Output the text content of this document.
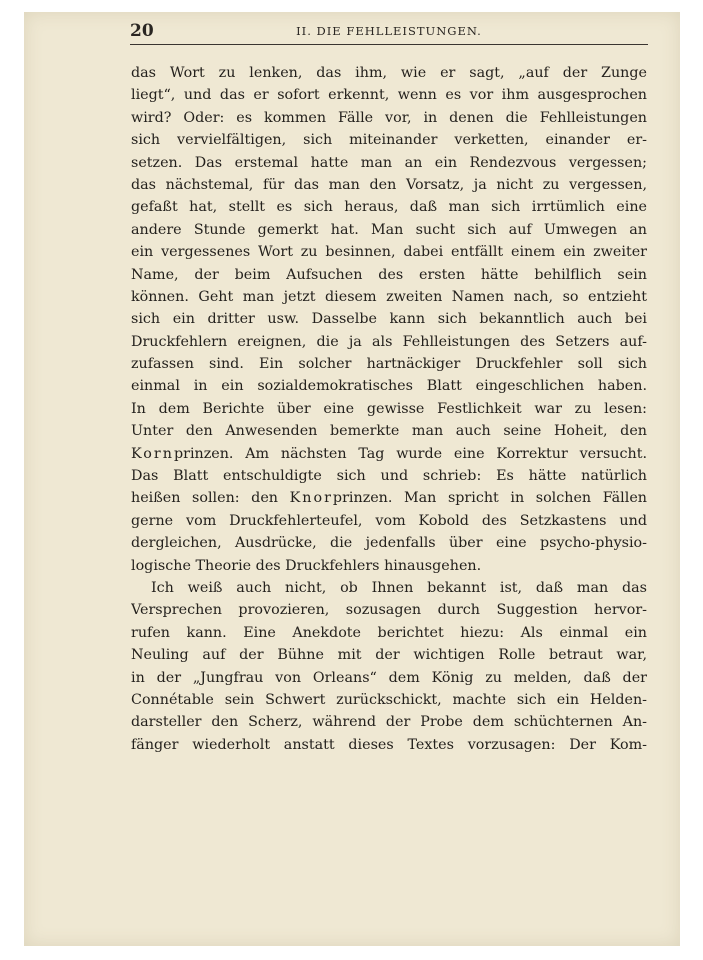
20	II. DIE FEHLLEISTUNGEN.
das Wort zu lenken, das ihm, wie er sagt, „auf der Zunge
liegt“, und das er sofort erkennt, wenn es vor ihm ausgesprochen
wird? Oder: es kommen Fälle vor, in denen die Fehlleistungen
sich vervielfältigen, sich miteinander verketten, einander er-
setzen. Das erstemal hatte man an ein Rendezvous vergessen;
das nächstemal, für das man den Vorsatz, ja nicht zu vergessen,
gefaßt hat, stellt es sich heraus, daß man sich irrtümlich eine
andere Stunde gemerkt hat. Man sucht sich auf Umwegen an
ein vergessenes Wort zu besinnen, dabei entfällt einem ein zweiter
Name, der beim Aufsuchen des ersten hätte behilflich sein
können. Geht man jetzt diesem zweiten Namen nach, so entzieht
sich ein dritter usw. Dasselbe kann sich bekanntlich auch bei
Druckfehlern ereignen, die ja als Fehlleistungen des Setzers auf-
zufassen sind. Ein solcher hartnäckiger Druckfehler soll sich
einmal in ein sozialdemokratisches Blatt eingeschlichen haben.
In dem Berichte über eine gewisse Festlichkeit war zu lesen:
Unter den Anwesenden bemerkte man auch seine Hoheit, den
Kornprinzen. Am nächsten Tag wurde eine Korrektur versucht.
Das Blatt entschuldigte sich und schrieb: Es hätte natürlich
heißen sollen: den Knorprinzen. Man spricht in solchen Fällen
gerne vom Druckfehlerteufel, vom Kobold des Setzkastens und
dergleichen, Ausdrücke, die jedenfalls über eine psycho-physio-
logische Theorie des Druckfehlers hinausgehen.
Ich weiß auch nicht, ob Ihnen bekannt ist, daß man das
Versprechen provozieren, sozusagen durch Suggestion hervor-
rufen kann. Eine Anekdote berichtet hiezu: Als einmal ein
Neuling auf der Bühne mit der wichtigen Rolle betraut war,
in der „Jungfrau von Orleans“ dem König zu melden, daß der
Connétable sein Schwert zurückschickt, machte sich ein Helden-
darsteller den Scherz, während der Probe dem schüchternen An-
fänger wiederholt anstatt dieses Textes vorzusagen: Der Kom-
